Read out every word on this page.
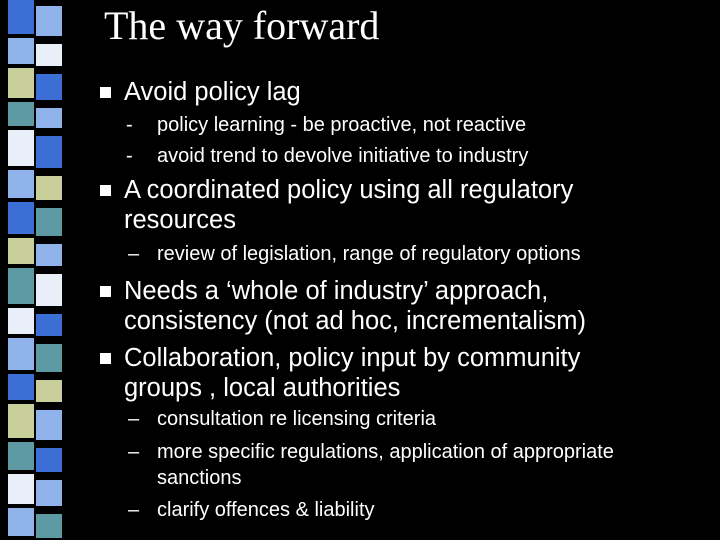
The way forward
Avoid policy lag
- policy learning - be proactive, not reactive
- avoid trend to devolve initiative to industry
A coordinated policy using all regulatory
resources
– review of legislation, range of regulatory options
Needs a ‘whole of industry’ approach,
consistency (not ad hoc, incrementalism)
Collaboration, policy input by community
groups , local authorities
– consultation re licensing criteria
– more specific regulations, application of appropriate
sanctions
– clarify offences & liability
